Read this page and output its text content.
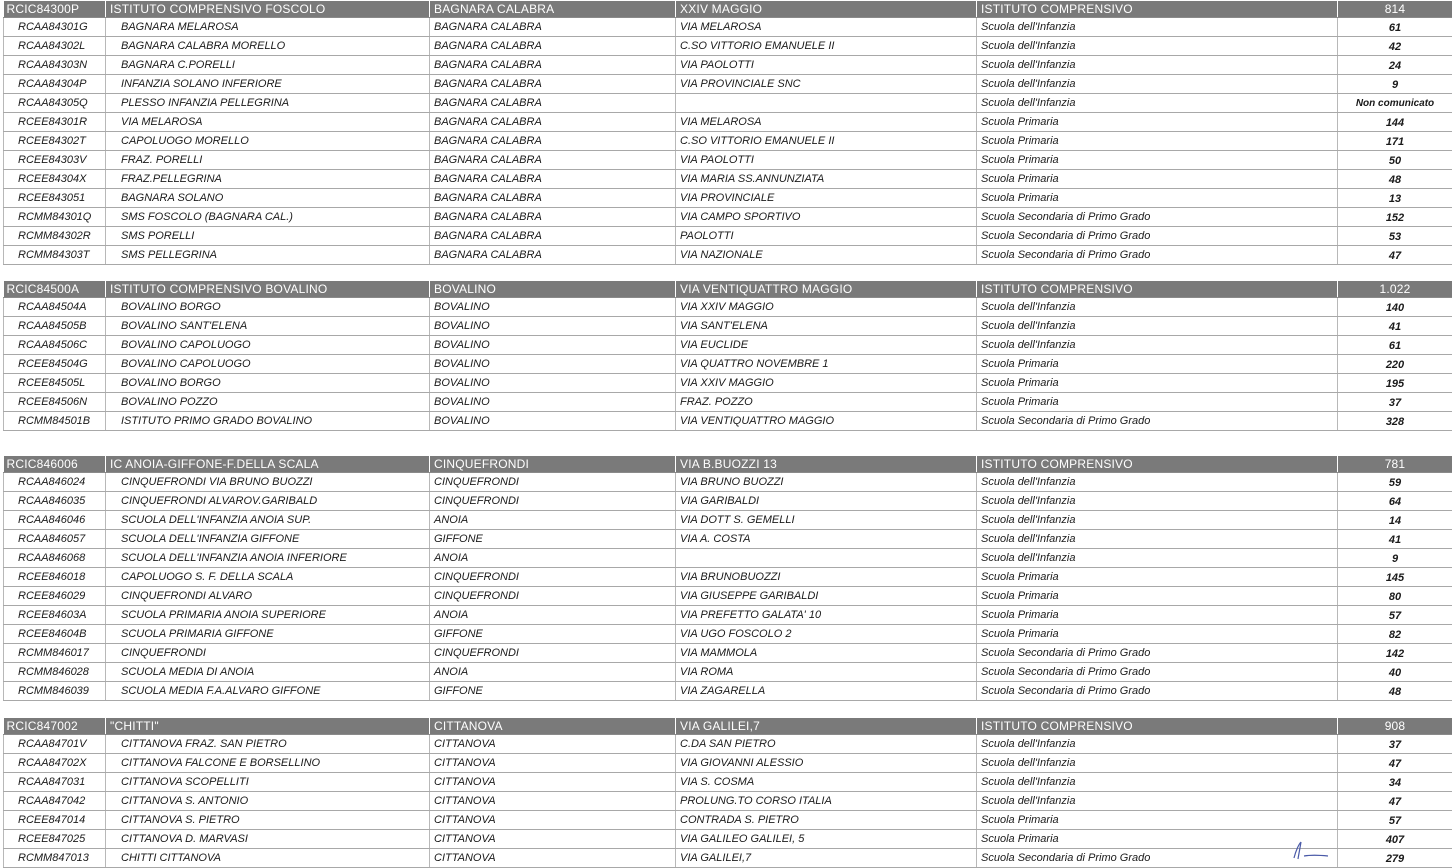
RCIC84300P	ISTITUTO COMPRENSIVO FOSCOLO	BAGNARA CALABRA	XXIV MAGGIO	ISTITUTO COMPRENSIVO	814
RCAA84301G	BAGNARA MELAROSA	BAGNARA CALABRA	VIA MELAROSA	Scuola dell'Infanzia	61
RCAA84302L	BAGNARA CALABRA MORELLO	BAGNARA CALABRA	C.SO VITTORIO EMANUELE II	Scuola dell'Infanzia	42
RCAA84303N	BAGNARA C.PORELLI	BAGNARA CALABRA	VIA PAOLOTTI	Scuola dell'Infanzia	24
RCAA84304P	INFANZIA SOLANO INFERIORE	BAGNARA CALABRA	VIA PROVINCIALE SNC	Scuola dell'Infanzia	9
RCAA84305Q	PLESSO INFANZIA PELLEGRINA	BAGNARA CALABRA		Scuola dell'Infanzia	Non comunicato
RCEE84301R	VIA MELAROSA	BAGNARA CALABRA	VIA MELAROSA	Scuola Primaria	144
RCEE84302T	CAPOLUOGO MORELLO	BAGNARA CALABRA	C.SO VITTORIO EMANUELE II	Scuola Primaria	171
RCEE84303V	FRAZ. PORELLI	BAGNARA CALABRA	VIA PAOLOTTI	Scuola Primaria	50
RCEE84304X	FRAZ.PELLEGRINA	BAGNARA CALABRA	VIA MARIA SS.ANNUNZIATA	Scuola Primaria	48
RCEE843051	BAGNARA SOLANO	BAGNARA CALABRA	VIA PROVINCIALE	Scuola Primaria	13
RCMM84301Q	SMS FOSCOLO (BAGNARA CAL.)	BAGNARA CALABRA	VIA CAMPO SPORTIVO	Scuola Secondaria di Primo Grado	152
RCMM84302R	SMS PORELLI	BAGNARA CALABRA	PAOLOTTI	Scuola Secondaria di Primo Grado	53
RCMM84303T	SMS PELLEGRINA	BAGNARA CALABRA	VIA NAZIONALE	Scuola Secondaria di Primo Grado	47
RCIC84500A	ISTITUTO COMPRENSIVO BOVALINO	BOVALINO	VIA VENTIQUATTRO MAGGIO	ISTITUTO COMPRENSIVO	1.022
RCAA84504A	BOVALINO BORGO	BOVALINO	VIA XXIV MAGGIO	Scuola dell'Infanzia	140
RCAA84505B	BOVALINO SANT'ELENA	BOVALINO	VIA SANT'ELENA	Scuola dell'Infanzia	41
RCAA84506C	BOVALINO CAPOLUOGO	BOVALINO	VIA EUCLIDE	Scuola dell'Infanzia	61
RCEE84504G	BOVALINO CAPOLUOGO	BOVALINO	VIA QUATTRO NOVEMBRE 1	Scuola Primaria	220
RCEE84505L	BOVALINO BORGO	BOVALINO	VIA XXIV MAGGIO	Scuola Primaria	195
RCEE84506N	BOVALINO POZZO	BOVALINO	FRAZ. POZZO	Scuola Primaria	37
RCMM84501B	ISTITUTO PRIMO GRADO BOVALINO	BOVALINO	VIA VENTIQUATTRO MAGGIO	Scuola Secondaria di Primo Grado	328
RCIC846006	IC ANOIA-GIFFONE-F.DELLA SCALA	CINQUEFRONDI	VIA B.BUOZZI 13	ISTITUTO COMPRENSIVO	781
RCAA846024	CINQUEFRONDI VIA BRUNO BUOZZI	CINQUEFRONDI	VIA BRUNO BUOZZI	Scuola dell'Infanzia	59
RCAA846035	CINQUEFRONDI ALVAROV.GARIBALD	CINQUEFRONDI	VIA GARIBALDI	Scuola dell'Infanzia	64
RCAA846046	SCUOLA DELL'INFANZIA ANOIA SUP.	ANOIA	VIA DOTT S. GEMELLI	Scuola dell'Infanzia	14
RCAA846057	SCUOLA DELL'INFANZIA GIFFONE	GIFFONE	VIA A. COSTA	Scuola dell'Infanzia	41
RCAA846068	SCUOLA DELL'INFANZIA ANOIA INFERIORE	ANOIA		Scuola dell'Infanzia	9
RCEE846018	CAPOLUOGO S. F. DELLA SCALA	CINQUEFRONDI	VIA BRUNOBUOZZI	Scuola Primaria	145
RCEE846029	CINQUEFRONDI ALVARO	CINQUEFRONDI	VIA GIUSEPPE GARIBALDI	Scuola Primaria	80
RCEE84603A	SCUOLA PRIMARIA ANOIA SUPERIORE	ANOIA	VIA PREFETTO GALATA' 10	Scuola Primaria	57
RCEE84604B	SCUOLA PRIMARIA GIFFONE	GIFFONE	VIA UGO FOSCOLO 2	Scuola Primaria	82
RCMM846017	CINQUEFRONDI	CINQUEFRONDI	VIA MAMMOLA	Scuola Secondaria di Primo Grado	142
RCMM846028	SCUOLA MEDIA DI ANOIA	ANOIA	VIA ROMA	Scuola Secondaria di Primo Grado	40
RCMM846039	SCUOLA MEDIA F.A.ALVARO GIFFONE	GIFFONE	VIA ZAGARELLA	Scuola Secondaria di Primo Grado	48
RCIC847002	"CHITTI"	CITTANOVA	VIA GALILEI,7	ISTITUTO COMPRENSIVO	908
RCAA84701V	CITTANOVA FRAZ. SAN PIETRO	CITTANOVA	C.DA SAN PIETRO	Scuola dell'Infanzia	37
RCAA84702X	CITTANOVA FALCONE E BORSELLINO	CITTANOVA	VIA GIOVANNI ALESSIO	Scuola dell'Infanzia	47
RCAA847031	CITTANOVA SCOPELLITI	CITTANOVA	VIA S. COSMA	Scuola dell'Infanzia	34
RCAA847042	CITTANOVA S. ANTONIO	CITTANOVA	PROLUNG.TO CORSO ITALIA	Scuola dell'Infanzia	47
RCEE847014	CITTANOVA S. PIETRO	CITTANOVA	CONTRADA S. PIETRO	Scuola Primaria	57
RCEE847025	CITTANOVA D. MARVASI	CITTANOVA	VIA GALILEO GALILEI, 5	Scuola Primaria	407
RCMM847013	CHITTI CITTANOVA	CITTANOVA	VIA GALILEI,7	Scuola Secondaria di Primo Grado	279
